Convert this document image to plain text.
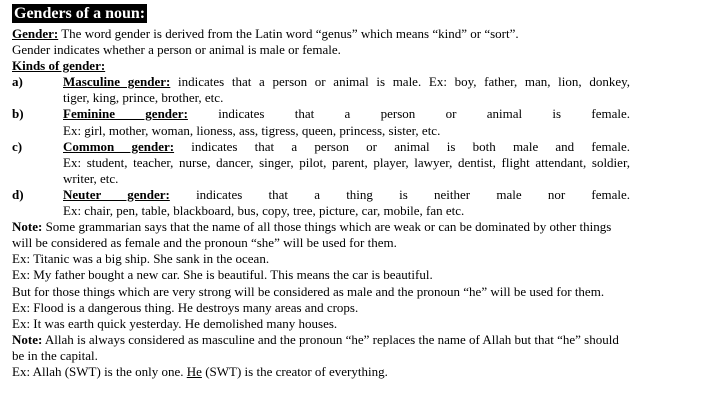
Genders of a noun:

Gender: The word gender is derived from the Latin word “genus” which means “kind” or “sort”.

Gender indicates whether a person or animal is male or female.

Kinds of gender:

a)	Masculine gender: indicates that a person or animal is male. Ex: boy, father, man, lion, donkey,
tiger, king, prince, brother, etc.
b)	Feminine gender: indicates that a person or animal is female.
Ex: girl, mother, woman, lioness, ass, tigress, queen, princess, sister, etc.
c)	Common gender: indicates that a person or animal is both male and female.
Ex: student, teacher, nurse, dancer, singer, pilot, parent, player, lawyer, dentist, flight attendant, soldier, writer, etc.
d)	Neuter gender: indicates that a thing is neither male nor female.
Ex: chair, pen, table, blackboard, bus, copy, tree, picture, car, mobile, fan etc.

Note: Some grammarian says that the name of all those things which are weak or can be dominated by other things will be considered as female and the pronoun “she” will be used for them.

Ex: Titanic was a big ship. She sank in the ocean.

Ex: My father bought a new car. She is beautiful. This means the car is beautiful.

But for those things which are very strong will be considered as male and the pronoun “he” will be used for them.

Ex: Flood is a dangerous thing. He destroys many areas and crops.

Ex: It was earth quick yesterday. He demolished many houses.

Note: Allah is always considered as masculine and the pronoun “he” replaces the name of Allah but that “he” should be in the capital.

Ex: Allah (SWT) is the only one. He (SWT) is the creator of everything.
